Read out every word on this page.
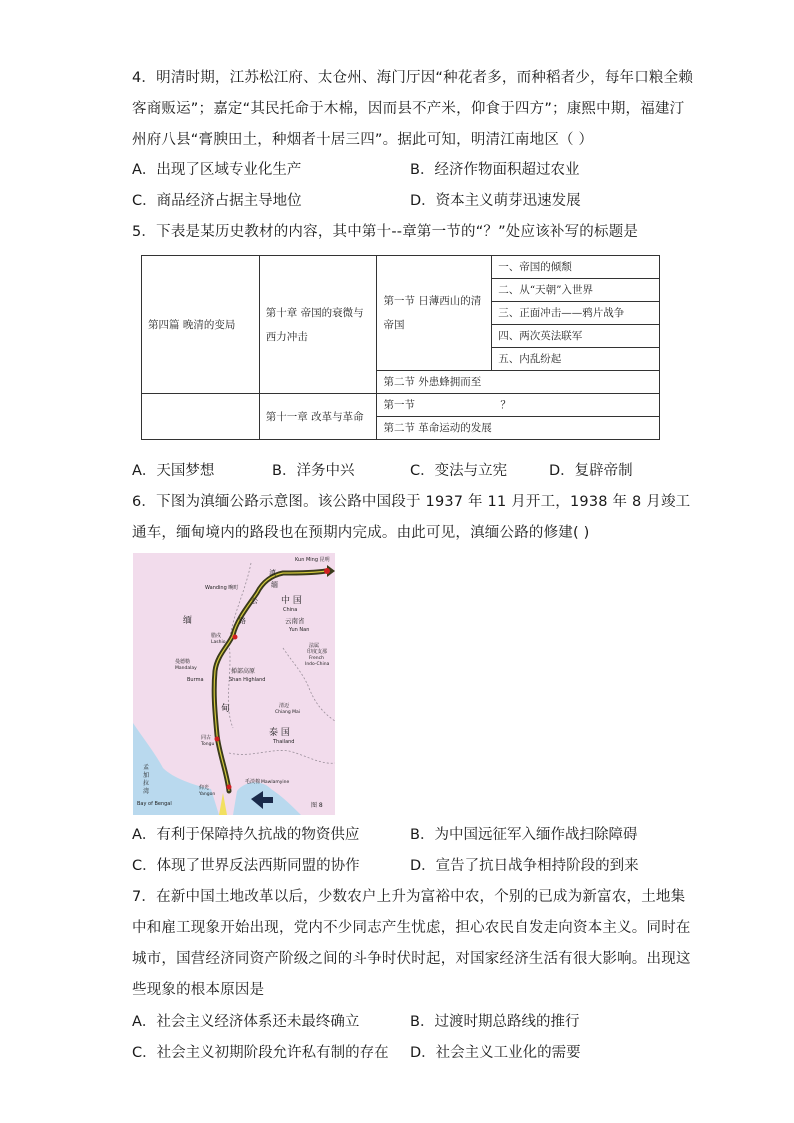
4．明清时期，江苏松江府、太仓州、海门厅因“种花者多，而种稻者少，每年口粮全赖
客商贩运”；嘉定“其民托命于木棉，因而县不产米，仰食于四方”；康熙中期，福建汀
州府八县“膏腴田土，种烟者十居三四”。据此可知，明清江南地区（ ）
A．出现了区域专业化生产	B．经济作物面积超过农业
C．商品经济占据主导地位	D．资本主义萌芽迅速发展
5．下表是某历史教材的内容，其中第十--章第一节的“？”处应该补写的标题是
第四篇 晚清的变局	第十章 帝国的衰微与西力冲击	第一节 日薄西山的清帝国	一、帝国的倾颓
			二、从“天朝”入世界
			三、正面冲击——鸦片战争
			四、两次英法联军
			五、内乱纷起
		第二节 外患蜂拥而至	
	第十一章 改革与革命	第一节 ？	
		第二节 革命运动的发展	
A．天国梦想	B．洋务中兴	C．变法与立宪	D．复辟帝制
6．下图为滇缅公路示意图。该公路中国段于 1937 年 11 月开工，1938 年 8 月竣工
通车，缅甸境内的路段也在预期内完成。由此可见，滇缅公路的修建( )
Kun Ming 昆明
滇
缅
Wanding 畹町
公
路
中 国
China
云南省
Yun Nan
腊戍
Lashio
缅
曼德勒
Mandalay
Burma
掸部高原
Shan Highland
法属
印度支那
French
Indo-China
甸	清迈
Chiang Mai
泰 国
Thailand
同古
Tongu
孟
加
拉
湾
Bay of Bengal
仰光
Yangon
毛淡棉 Mawlamyine
图 8
A．有利于保障持久抗战的物资供应	B．为中国远征军入缅作战扫除障碍
C．体现了世界反法西斯同盟的协作	D．宣告了抗日战争相持阶段的到来
7．在新中国土地改革以后，少数农户上升为富裕中农，个别的已成为新富农，土地集
中和雇工现象开始出现，党内不少同志产生忧虑，担心农民自发走向资本主义。同时在
城市，国营经济同资产阶级之间的斗争时伏时起，对国家经济生活有很大影响。出现这
些现象的根本原因是
A．社会主义经济体系还未最终确立	B．过渡时期总路线的推行
C．社会主义初期阶段允许私有制的存在 D．社会主义工业化的需要
